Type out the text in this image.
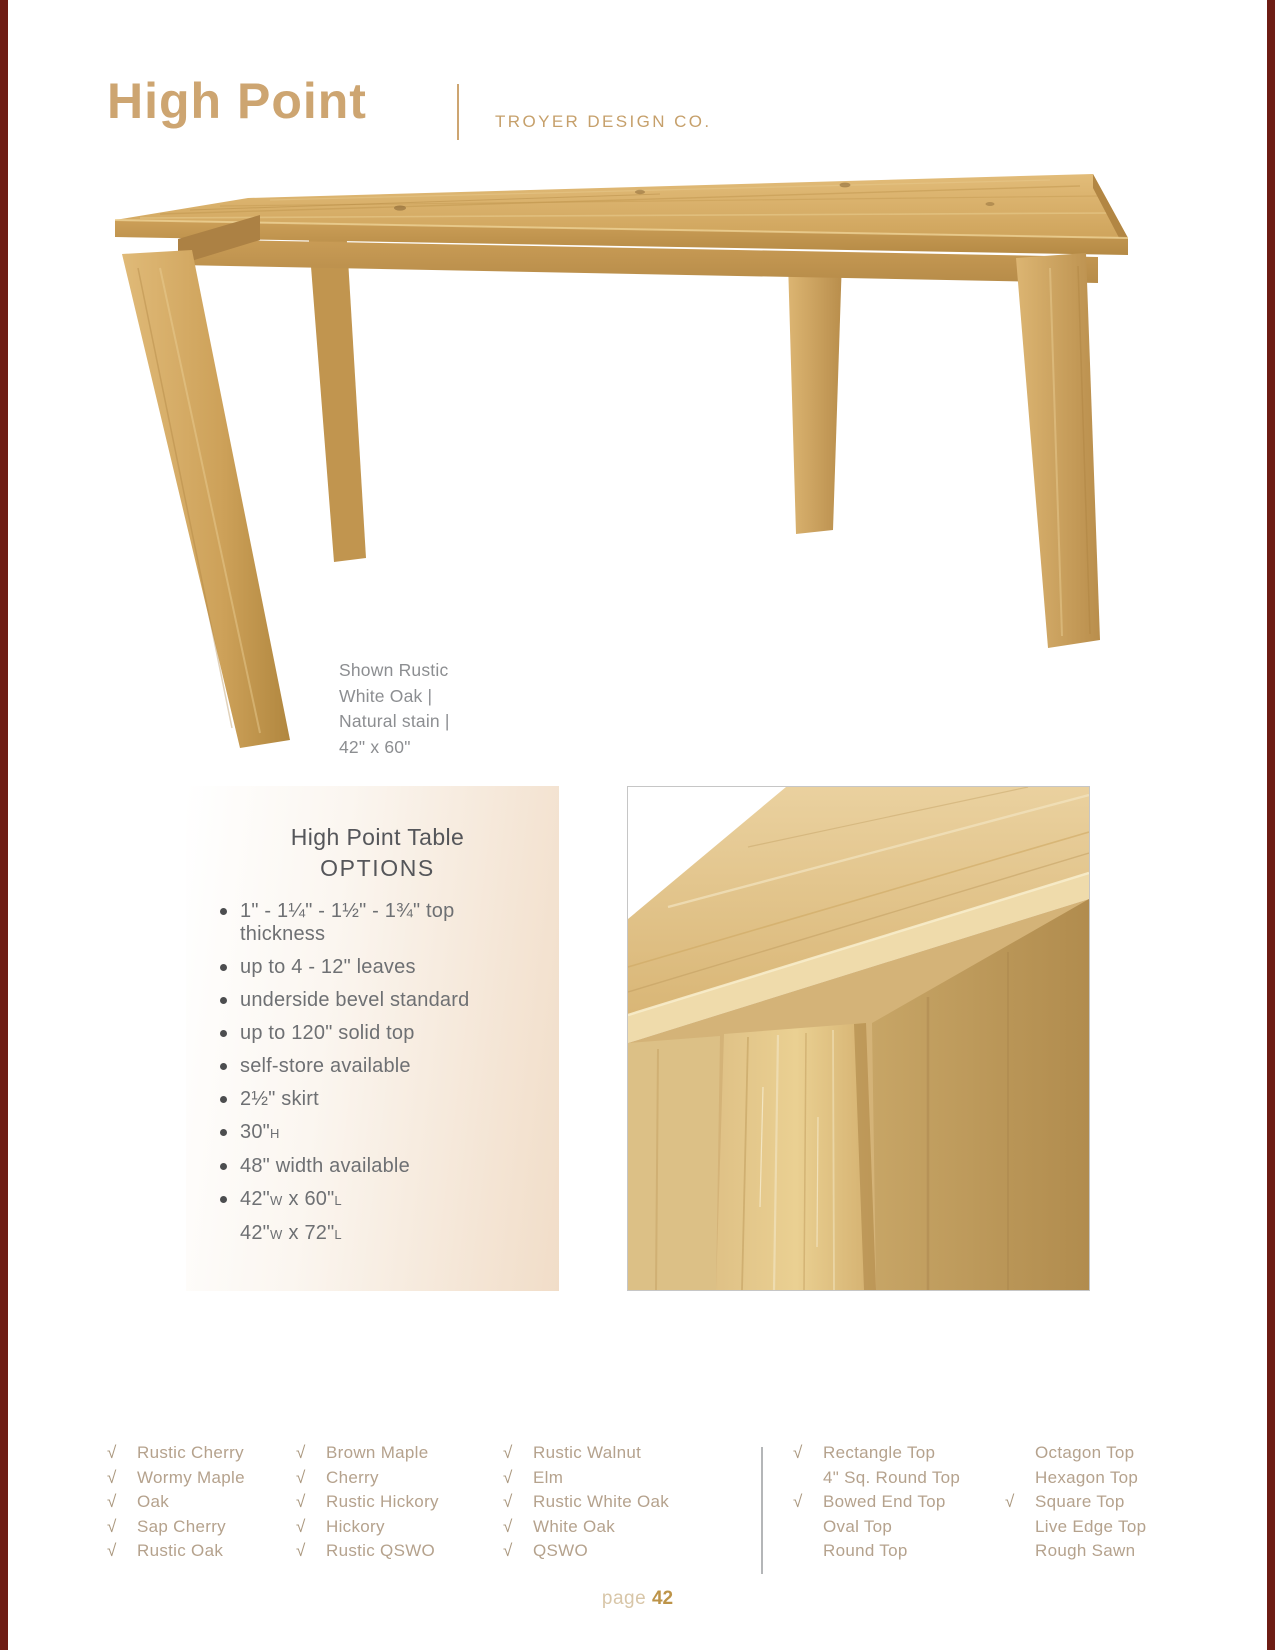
High Point	TROYER DESIGN CO.
Shown Rustic
White Oak |
Natural stain |
42" x 60"
High Point Table
OPTIONS
1" - 1¼" - 1½" - 1¾" top thickness
up to 4 - 12" leaves
underside bevel standard
up to 120" solid top
self-store available
2½" skirt
30"H
48" width available
42"W x 60"L
42"W x 72"L
√ Rustic Cherry
√ Wormy Maple
√ Oak
√ Sap Cherry
√ Rustic Oak
√ Brown Maple
√ Cherry
√ Rustic Hickory
√ Hickory
√ Rustic QSWO
√ Rustic Walnut
√ Elm
√ Rustic White Oak
√ White Oak
√ QSWO
√ Rectangle Top
4" Sq. Round Top
√ Bowed End Top
Oval Top
Round Top
Octagon Top
Hexagon Top
√ Square Top
Live Edge Top
Rough Sawn
page 42
